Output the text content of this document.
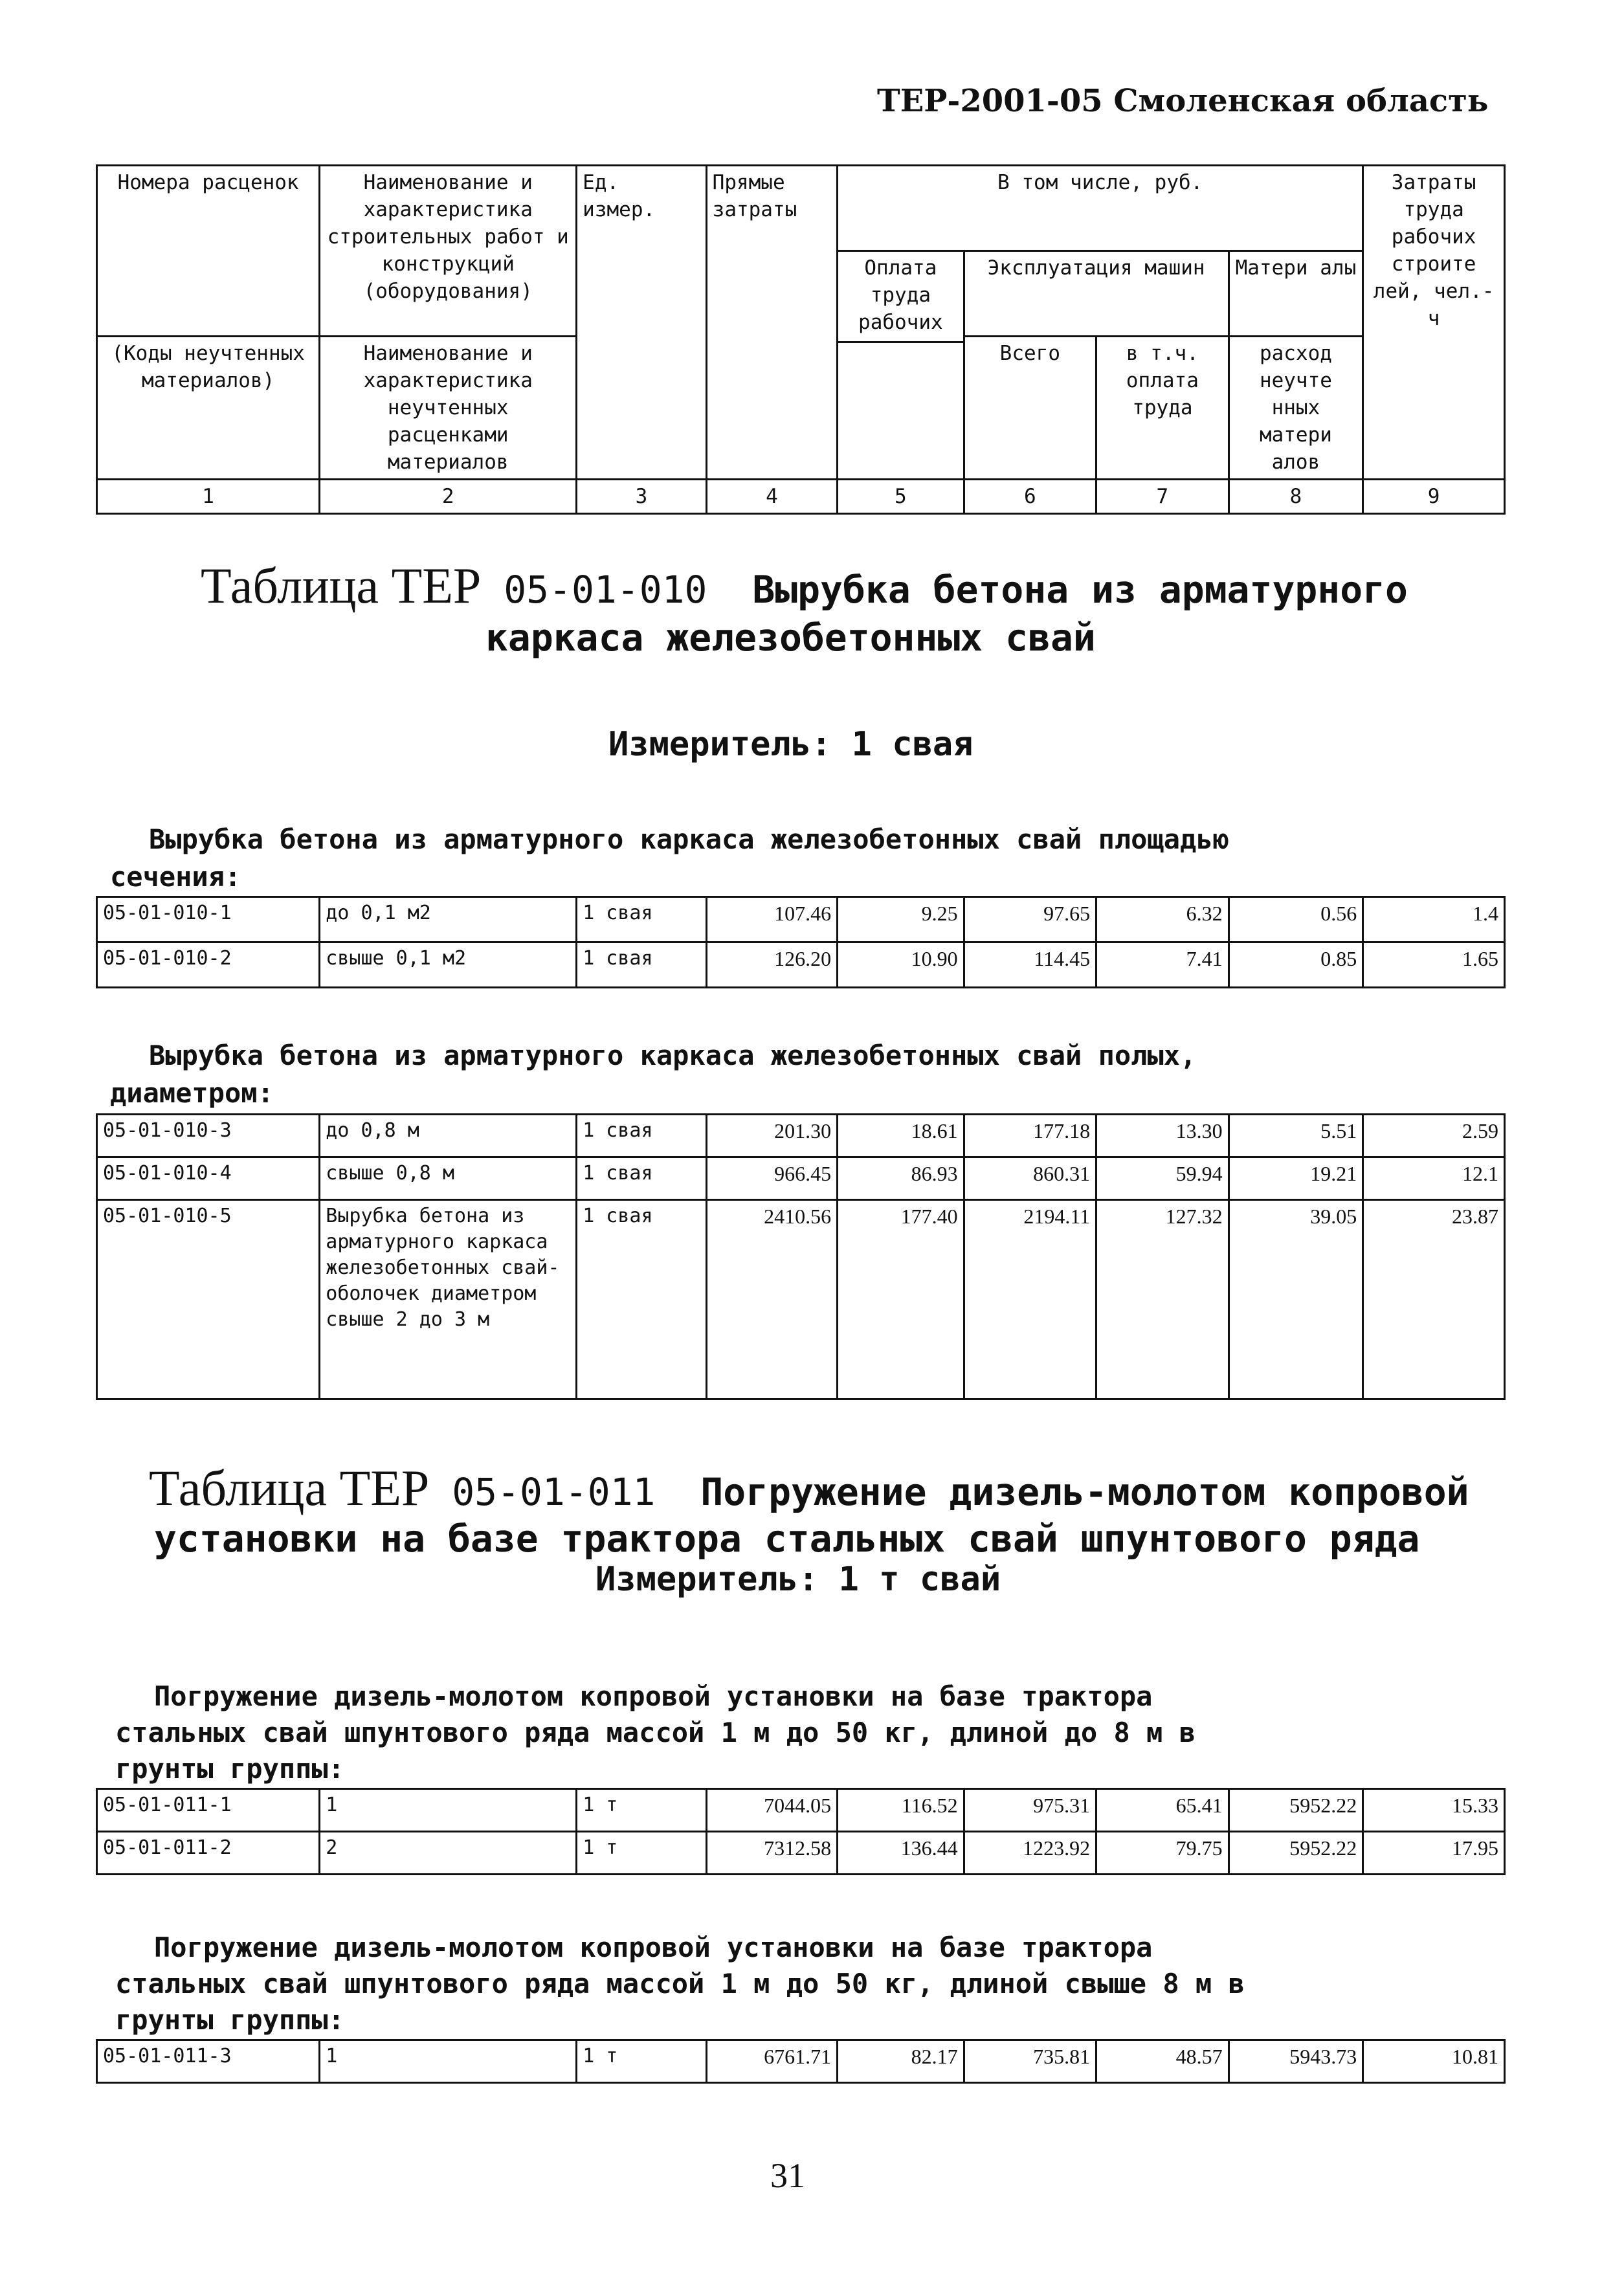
ТЕР-2001-05 Смоленская область
Номера расценок	Наименование и характеристика строительных работ и конструкций (оборудования)	Ед. измер.	Прямые затраты	В том числе, руб.				Затраты труда рабочих строите лей, чел.-ч
				Оплата труда рабочих	Эксплуатация машин		Матери алы	
(Коды неучтенных материалов)	Наименование и характеристика неучтенных расценками материалов				Всего	в т.ч. оплата труда	расход неучте нных матери алов	

1	2	3	4	5	6	7	8	9
Таблица ТЕР 05-01-010 Вырубка бетона из арматурного
каркаса железобетонных свай
Измеритель: 1 свая
Вырубка бетона из арматурного каркаса железобетонных свай площадью
сечения:
05-01-010-1	до 0,1 м2	1 свая	107.46	9.25	97.65	6.32	0.56	1.4
05-01-010-2	свыше 0,1 м2	1 свая	126.20	10.90	114.45	7.41	0.85	1.65
Вырубка бетона из арматурного каркаса железобетонных свай полых,
диаметром:
05-01-010-3	до 0,8 м	1 свая	201.30	18.61	177.18	13.30	5.51	2.59
05-01-010-4	свыше 0,8 м	1 свая	966.45	86.93	860.31	59.94	19.21	12.1
05-01-010-5	Вырубка бетона из арматурного каркаса железобетонных свай-оболочек диаметром свыше 2 до 3 м	1 свая	2410.56	177.40	2194.11	127.32	39.05	23.87
Таблица ТЕР 05-01-011 Погружение дизель-молотом копровой
установки на базе трактора стальных свай шпунтового ряда
Измеритель: 1 т свай
Погружение дизель-молотом копровой установки на базе трактора
стальных свай шпунтового ряда массой 1 м до 50 кг, длиной до 8 м в
грунты группы:
05-01-011-1	1	1 т	7044.05	116.52	975.31	65.41	5952.22	15.33
05-01-011-2	2	1 т	7312.58	136.44	1223.92	79.75	5952.22	17.95
Погружение дизель-молотом копровой установки на базе трактора
стальных свай шпунтового ряда массой 1 м до 50 кг, длиной свыше 8 м в
грунты группы:
05-01-011-3	1	1 т	6761.71	82.17	735.81	48.57	5943.73	10.81
31
